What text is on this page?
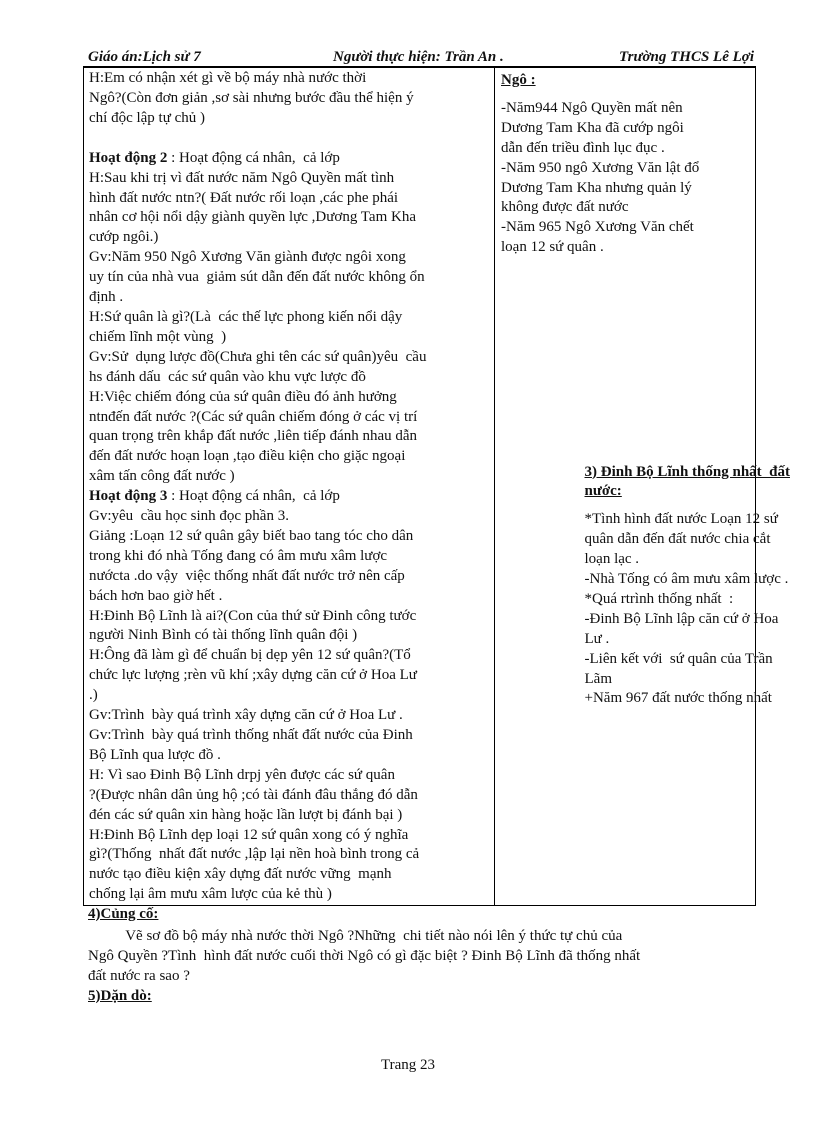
Giáo án:Lịch sử 7	Người thực hiện: Trần An .	Trường THCS Lê Lợi
H:Em có nhận xét gì về bộ máy nhà nước thời
Ngô?(Còn đơn giản ,sơ sài nhưng bước đầu thể hiện ý
chí độc lập tự chủ )
Hoạt động 2 : Hoạt động cá nhân,  cả lớp
H:Sau khi trị vì đất nước năm Ngô Quyền mất tình
hình đất nước ntn?( Đất nước rối loạn ,các phe phái
nhân cơ hội nổi dậy giành quyền lực ,Dương Tam Kha
cướp ngôi.)
Gv:Năm 950 Ngô Xương Văn giành được ngôi xong
uy tín của nhà vua  giảm sút dẫn đến đất nước không ổn
định .
H:Sứ quân là gì?(Là  các thế lực phong kiến nổi dậy
chiếm lĩnh một vùng  )
Gv:Sử  dụng lược đồ(Chưa ghi tên các sứ quân)yêu  cầu
hs đánh dấu  các sứ quân vào khu vực lược đồ
H:Việc chiếm đóng của sứ quân điều đó ảnh hưởng
ntnđến đất nước ?(Các sứ quân chiếm đóng ở các vị trí
quan trọng trên khắp đất nước ,liên tiếp đánh nhau dẫn
đến đất nước hoạn loạn ,tạo điều kiện cho giặc ngoại
xâm tấn công đất nước )
Hoạt động 3 : Hoạt động cá nhân,  cả lớp
Gv:yêu  cầu học sinh đọc phần 3.
Giảng :Loạn 12 sứ quân gây biết bao tang tóc cho dân
trong khi đó nhà Tống đang có âm mưu xâm lược
nướcta .do vậy  việc thống nhất đất nước trở nên cấp
bách hơn bao giờ hết .
H:Đinh Bộ Lĩnh là ai?(Con của thứ sử Đinh công tước
người Ninh Bình có tài thống lĩnh quân đội )
H:Ông đã làm gì để chuẩn bị dẹp yên 12 sứ quân?(Tổ
chức lực lượng ;rèn vũ khí ;xây dựng căn cứ ở Hoa Lư
.)
Gv:Trình  bày quá trình xây dựng căn cứ ở Hoa Lư .
Gv:Trình  bày quá trình thống nhất đất nước của Đinh
Bộ Lĩnh qua lược đồ .
H: Vì sao Đinh Bộ Lĩnh drpj yên được các sứ quân
?(Được nhân dân ủng hộ ;có tài đánh đâu thắng đó dẫn
đén các sứ quân xin hàng hoặc lần lượt bị đánh bại )
H:Đinh Bộ Lĩnh dẹp loại 12 sứ quân xong có ý nghĩa
gì?(Thống  nhất đất nước ,lập lại nền hoà bình trong cả
nước tạo điều kiện xây dựng đất nước vững  mạnh
chống lại âm mưu xâm lược của kẻ thù )

Ngô :
-Năm944 Ngô Quyền mất nên
Dương Tam Kha đã cướp ngôi
dẫn đến triều đình lục đục .
-Năm 950 ngô Xương Văn lật đổ
Dương Tam Kha nhưng quản lý
không được đất nước
-Năm 965 Ngô Xương Văn chết
loạn 12 sứ quân .
3) Đinh Bộ Lĩnh thống nhất  đất
nước:
*Tình hình đất nước Loạn 12 sứ
quân dẫn đến đất nước chia cắt
loạn lạc .
-Nhà Tống có âm mưu xâm lược .
*Quá rtrình thống nhất  :
-Đinh Bộ Lĩnh lập căn cứ ở Hoa
Lư .
-Liên kết với  sứ quân của Trần
Lãm
+Năm 967 đất nước thống nhất
4)Củng cố:
Vẽ sơ đồ bộ máy nhà nước thời Ngô ?Những  chi tiết nào nói lên ý thức tự chủ của
Ngô Quyền ?Tình  hình đất nước cuối thời Ngô có gì đặc biệt ? Đinh Bộ Lĩnh đã thống nhất
đất nước ra sao ?
5)Dặn dò:
Trang 23
